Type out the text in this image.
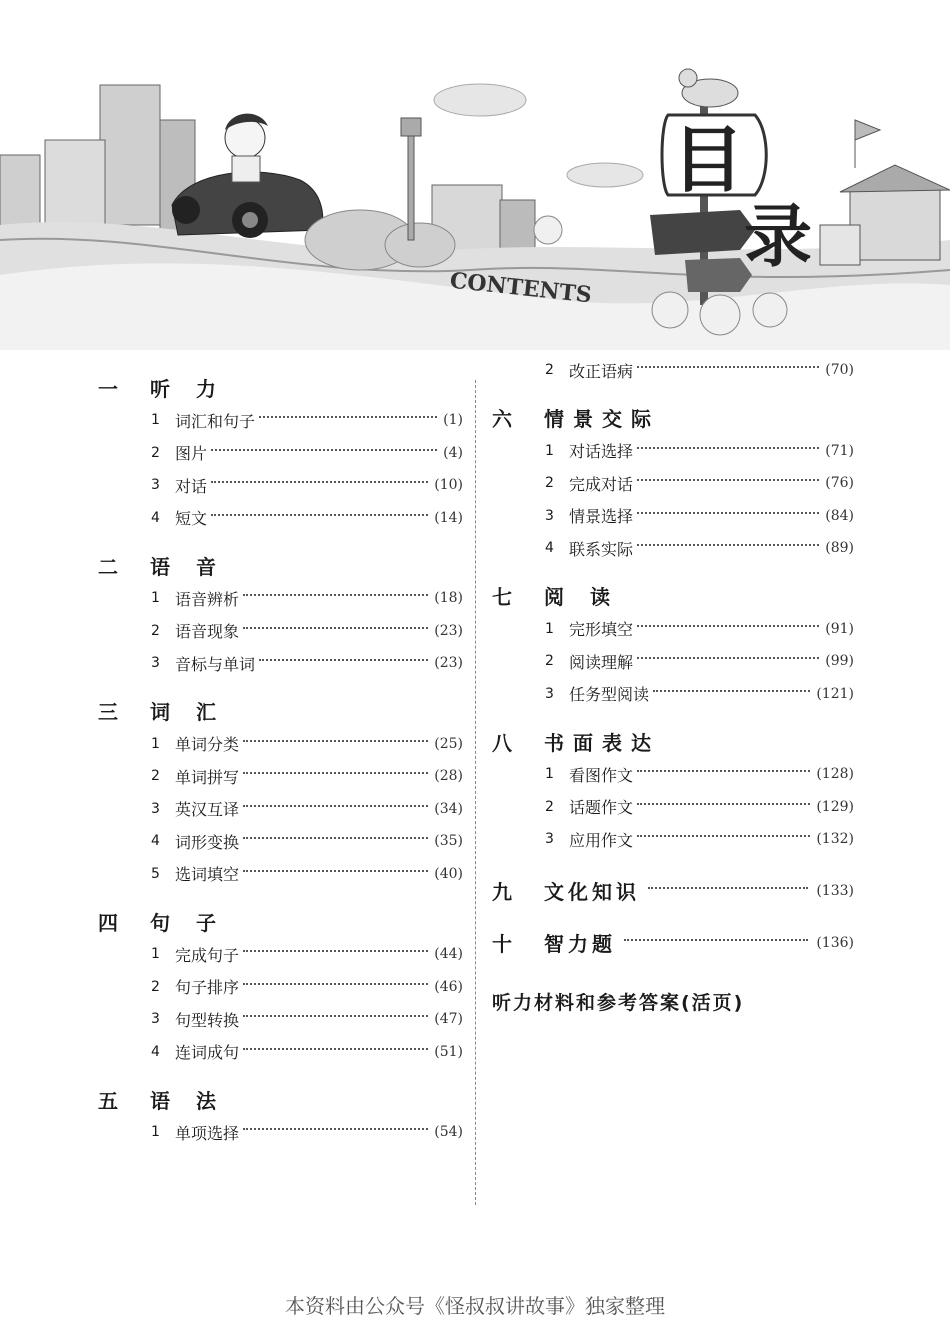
目
录
CONTENTS
一	听力
1 词汇和句子	(1)
2 图片	(4)
3 对话	(10)
4 短文	(14)
二	语音
1 语音辨析	(18)
2 语音现象	(23)
3 音标与单词	(23)
三	词汇
1 单词分类	(25)
2 单词拼写	(28)
3 英汉互译	(34)
4 词形变换	(35)
5 选词填空	(40)
四	句子
1 完成句子	(44)
2 句子排序	(46)
3 句型转换	(47)
4 连词成句	(51)
五	语法
1 单项选择	(54)
2 改正语病	(70)
六	情景交际
1 对话选择	(71)
2 完成对话	(76)
3 情景选择	(84)
4 联系实际	(89)
七	阅读
1 完形填空	(91)
2 阅读理解	(99)
3 任务型阅读	(121)
八	书面表达
1 看图作文	(128)
2 话题作文	(129)
3 应用作文	(132)
九	文化知识	(133)
十	智力题	(136)
听力材料和参考答案(活页)
本资料由公众号《怪叔叔讲故事》独家整理
